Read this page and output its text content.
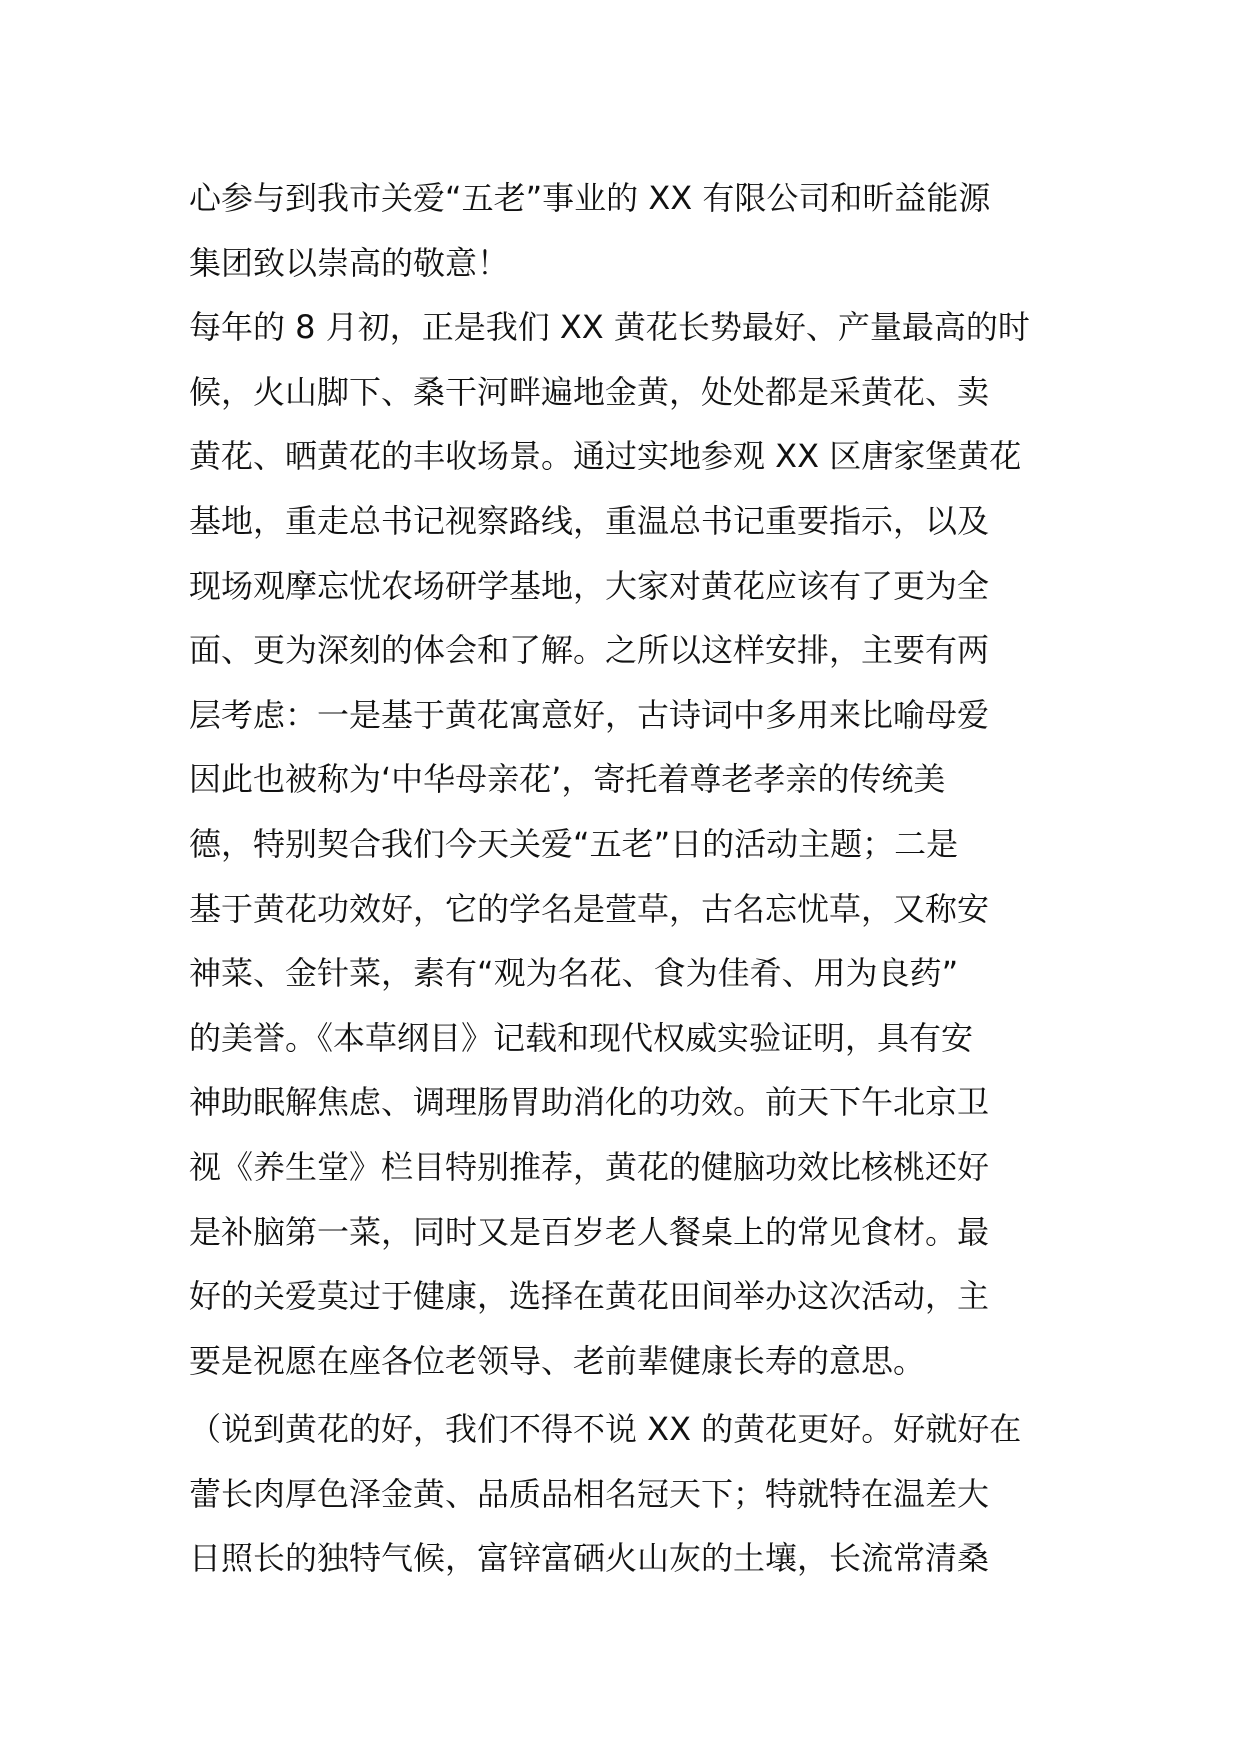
心参与到我市关爱“五老”事业的 XX 有限公司和昕益能源
集团致以崇高的敬意！
每年的 8 月初，正是我们 XX 黄花长势最好、产量最高的时
候，火山脚下、桑干河畔遍地金黄，处处都是采黄花、卖
黄花、晒黄花的丰收场景。通过实地参观 XX 区唐家堡黄花
基地，重走总书记视察路线，重温总书记重要指示，以及
现场观摩忘忧农场研学基地，大家对黄花应该有了更为全
面、更为深刻的体会和了解。之所以这样安排，主要有两
层考虑：一是基于黄花寓意好，古诗词中多用来比喻母爱
因此也被称为‘中华母亲花’，寄托着尊老孝亲的传统美
德，特别契合我们今天关爱“五老”日的活动主题；二是
基于黄花功效好，它的学名是萱草，古名忘忧草，又称安
神菜、金针菜，素有“观为名花、食为佳肴、用为良药”
的美誉。《本草纲目》记载和现代权威实验证明，具有安
神助眠解焦虑、调理肠胃助消化的功效。前天下午北京卫
视《养生堂》栏目特别推荐，黄花的健脑功效比核桃还好
是补脑第一菜，同时又是百岁老人餐桌上的常见食材。最
好的关爱莫过于健康，选择在黄花田间举办这次活动，主
要是祝愿在座各位老领导、老前辈健康长寿的意思。
（说到黄花的好，我们不得不说 XX 的黄花更好。好就好在
蕾长肉厚色泽金黄、品质品相名冠天下；特就特在温差大
日照长的独特气候，富锌富硒火山灰的土壤，长流常清桑
